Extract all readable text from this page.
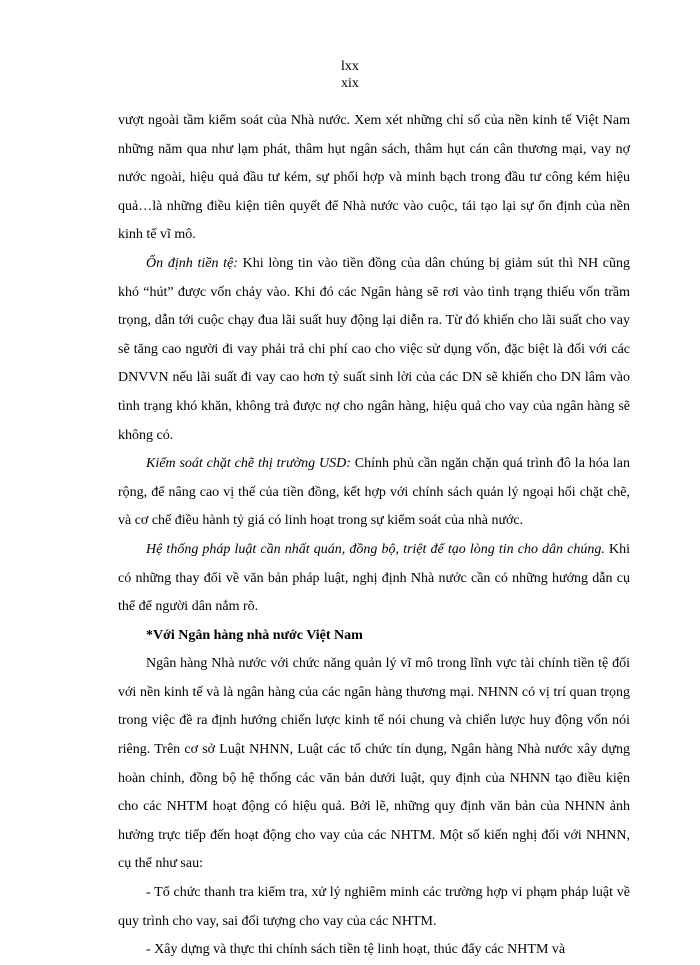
lxx
xix

vượt ngoài tầm kiểm soát của Nhà nước. Xem xét những chỉ số của nền kinh tế Việt Nam những năm qua như lạm phát, thâm hụt ngân sách, thâm hụt cán cân thương mại, vay nợ nước ngoài, hiệu quả đầu tư kém, sự phối hợp và minh bạch trong đầu tư công kém hiệu quả…là những điều kiện tiên quyết để Nhà nước vào cuộc, tái tạo lại sự ổn định của nền kinh tế vĩ mô.

Ổn định tiền tệ: Khi lòng tin vào tiền đồng của dân chúng bị giảm sút thì NH cũng khó “hút” được vốn chảy vào. Khi đó các Ngân hàng sẽ rơi vào tình trạng thiếu vốn trầm trọng, dẫn tới cuộc chạy đua lãi suất huy động lại diễn ra. Từ đó khiến cho lãi suất cho vay sẽ tăng cao người đi vay phải trả chi phí cao cho việc sử dụng vốn, đặc biệt là đối với các DNVVN nếu lãi suất đi vay cao hơn tỷ suất sinh lời của các DN sẽ khiến cho DN lâm vào tình trạng khó khăn, không trả được nợ cho ngân hàng, hiệu quả cho vay của ngân hàng sẽ không có.

Kiểm soát chặt chẽ thị trường USD: Chính phủ cần ngăn chặn quá trình đô la hóa lan rộng, để nâng cao vị thế của tiền đồng, kết hợp với chính sách quản lý ngoại hối chặt chẽ, và cơ chế điều hành tỷ giá có linh hoạt trong sự kiểm soát của nhà nước.

Hệ thống pháp luật cần nhất quán, đồng bộ, triệt để tạo lòng tin cho dân chúng. Khi có những thay đổi về văn bản pháp luật, nghị định Nhà nước cần có những hướng dẫn cụ thể để người dân nắm rõ.

*Với Ngân hàng nhà nước Việt Nam

Ngân hàng Nhà nước với chức năng quản lý vĩ mô trong lĩnh vực tài chính tiền tệ đối với nền kinh tế và là ngân hàng của các ngân hàng thương mại. NHNN có vị trí quan trọng trong việc đề ra định hướng chiến lược kinh tế nói chung và chiến lược huy động vốn nói riêng. Trên cơ sở Luật NHNN, Luật các tổ chức tín dụng, Ngân hàng Nhà nước xây dựng hoàn chỉnh, đồng bộ hệ thống các văn bản dưới luật, quy định của NHNN tạo điều kiện cho các NHTM hoạt động có hiệu quả. Bởi lẽ, những quy định văn bản của NHNN ảnh hưởng trực tiếp đến hoạt động cho vay của các NHTM. Một số kiến nghị đối với NHNN, cụ thể như sau:

- Tổ chức thanh tra kiểm tra, xử lý nghiêm minh các trường hợp vi phạm pháp luật về quy trình cho vay, sai đối tượng cho vay của các NHTM.

- Xây dựng và thực thi chính sách tiền tệ linh hoạt, thúc đẩy các NHTM và
